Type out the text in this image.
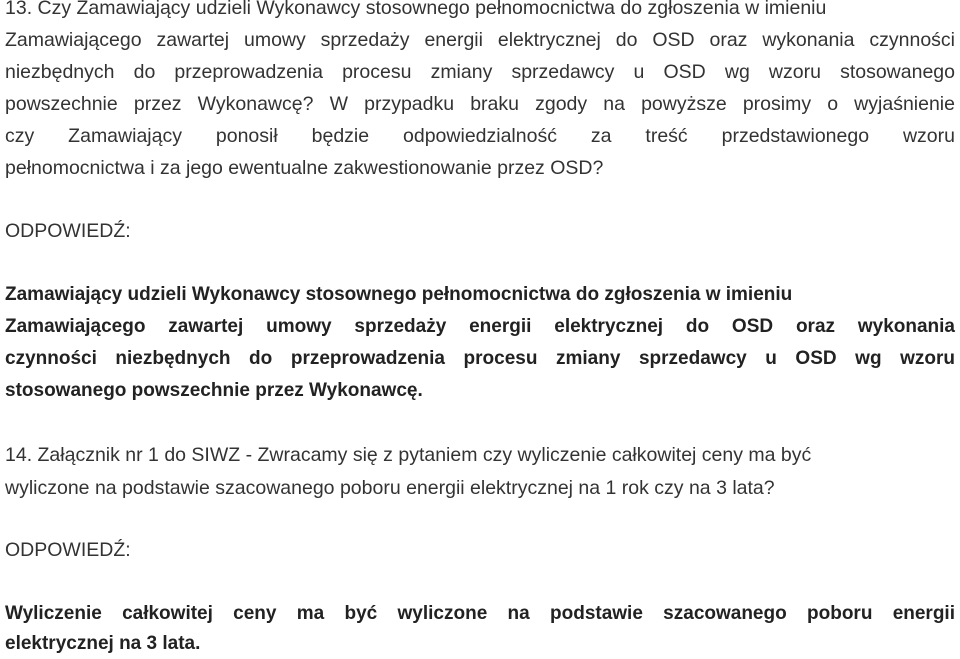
13. Czy Zamawiający udzieli Wykonawcy stosownego pełnomocnictwa do zgłoszenia w imieniu
Zamawiającego zawartej umowy sprzedaży energii elektrycznej do OSD oraz wykonania czynności
niezbędnych do przeprowadzenia procesu zmiany sprzedawcy u OSD wg wzoru stosowanego
powszechnie przez Wykonawcę? W przypadku braku zgody na powyższe prosimy o wyjaśnienie
czy Zamawiający ponosił będzie odpowiedzialność za treść przedstawionego wzoru
pełnomocnictwa i za jego ewentualne zakwestionowanie przez OSD?
ODPOWIEDŹ:
Zamawiający udzieli Wykonawcy stosownego pełnomocnictwa do zgłoszenia w imieniu
Zamawiającego zawartej umowy sprzedaży energii elektrycznej do OSD oraz wykonania
czynności niezbędnych do przeprowadzenia procesu zmiany sprzedawcy u OSD wg wzoru
stosowanego powszechnie przez Wykonawcę.
14. Załącznik nr 1 do SIWZ - Zwracamy się z pytaniem czy wyliczenie całkowitej ceny ma być
wyliczone na podstawie szacowanego poboru energii elektrycznej na 1 rok czy na 3 lata?
ODPOWIEDŹ:
Wyliczenie całkowitej ceny ma być wyliczone na podstawie szacowanego poboru energii
elektrycznej na 3 lata.
